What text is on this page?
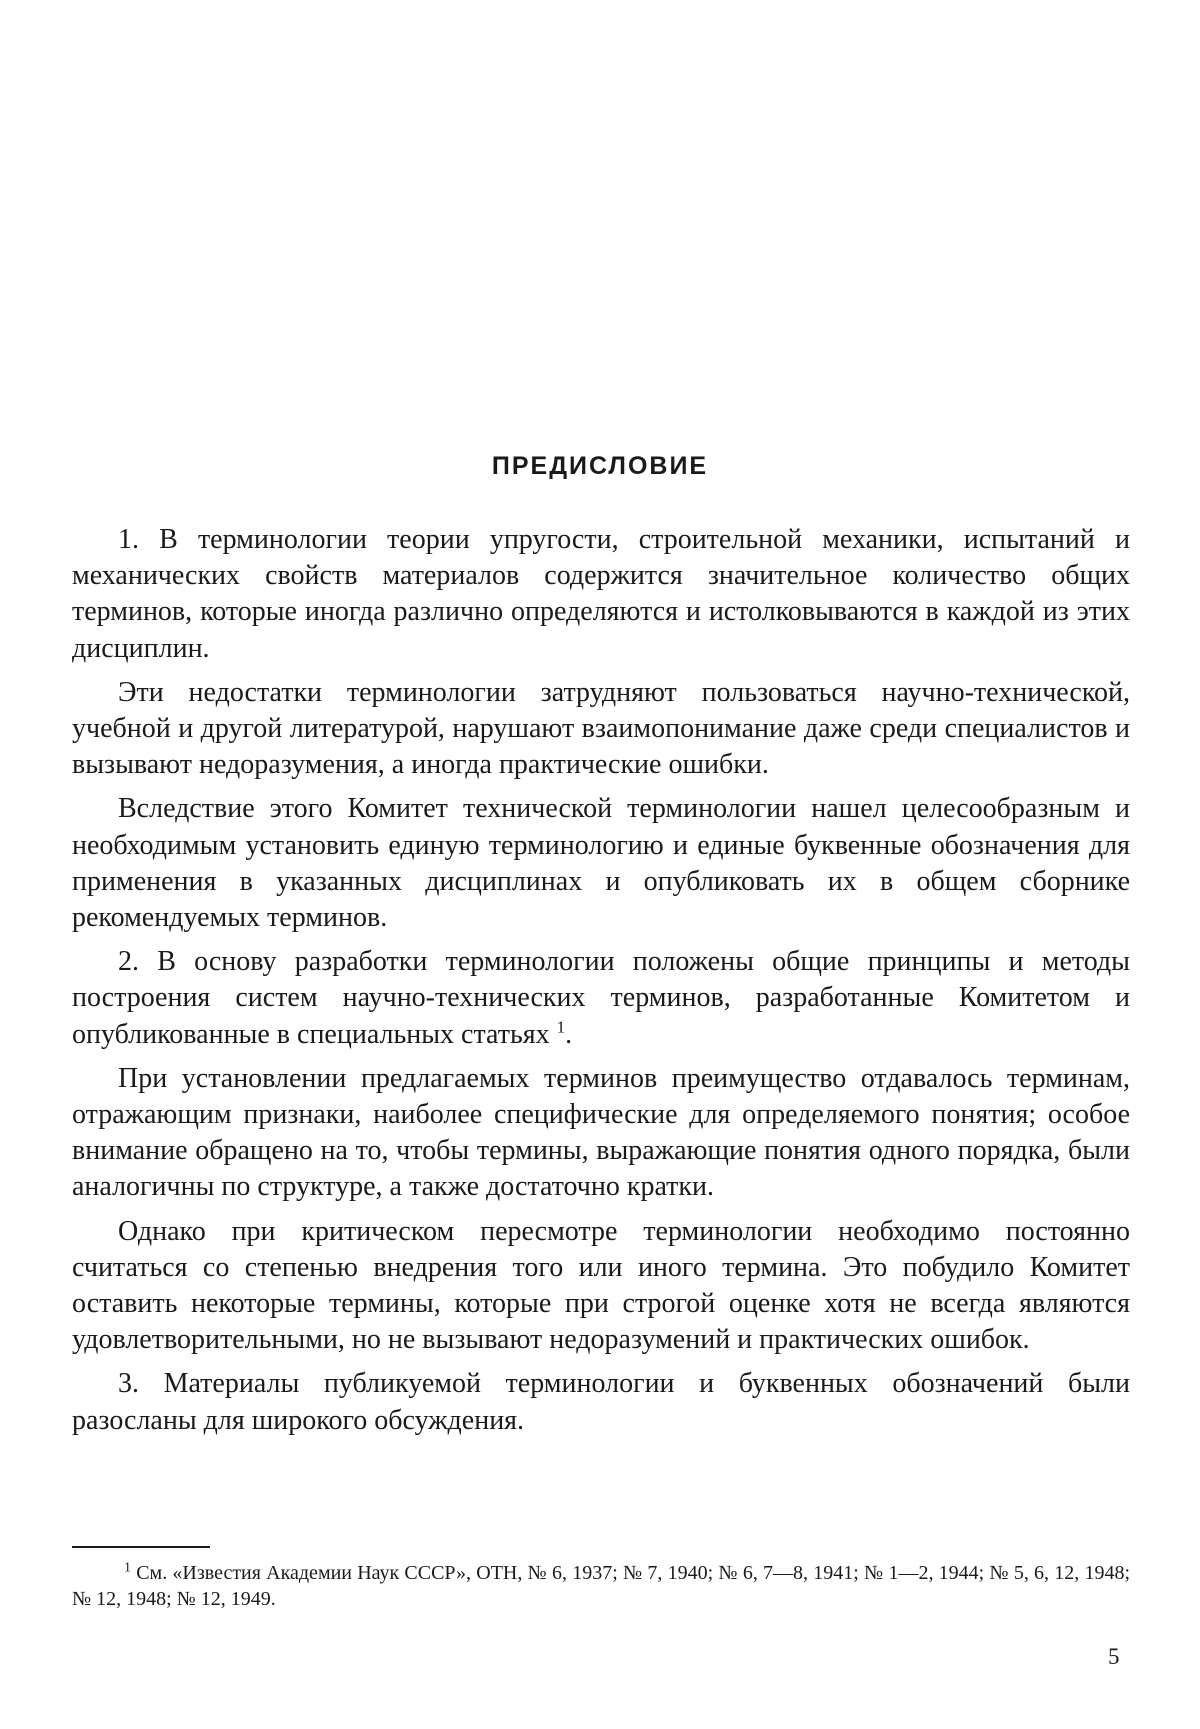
ПРЕДИСЛОВИЕ

1. В терминологии теории упругости, строительной механики, испытаний и механических свойств материалов содержится значительное количество общих терминов, которые иногда различно определяются и истолковываются в каждой из этих дисциплин.

Эти недостатки терминологии затрудняют пользоваться научно-технической, учебной и другой литературой, нарушают взаимопонимание даже среди специалистов и вызывают недоразумения, а иногда практические ошибки.

Вследствие этого Комитет технической терминологии нашел целесообразным и необходимым установить единую терминологию и единые буквенные обозначения для применения в указанных дисциплинах и опубликовать их в общем сборнике рекомендуемых терминов.

2. В основу разработки терминологии положены общие принципы и методы построения систем научно-технических терминов, разработанные Комитетом и опубликованные в специальных статьях $^1$.

При установлении предлагаемых терминов преимущество отдавалось терминам, отражающим признаки, наиболее специфические для определяемого понятия; особое внимание обращено на то, чтобы термины, выражающие понятия одного порядка, были аналогичны по структуре, а также достаточно кратки.

Однако при критическом пересмотре терминологии необходимо постоянно считаться со степенью внедрения того или иного термина. Это побудило Комитет оставить некоторые термины, которые при строгой оценке хотя не всегда являются удовлетворительными, но не вызывают недоразумений и практических ошибок.

3. Материалы публикуемой терминологии и буквенных обозначений были разосланы для широкого обсуждения.

$^1$ См. «Известия Академии Наук СССР», ОТН, № 6, 1937; № 7, 1940; № 6, 7—8, 1941; № 1—2, 1944; № 5, 6, 12, 1948; № 12, 1948; № 12, 1949.
5
